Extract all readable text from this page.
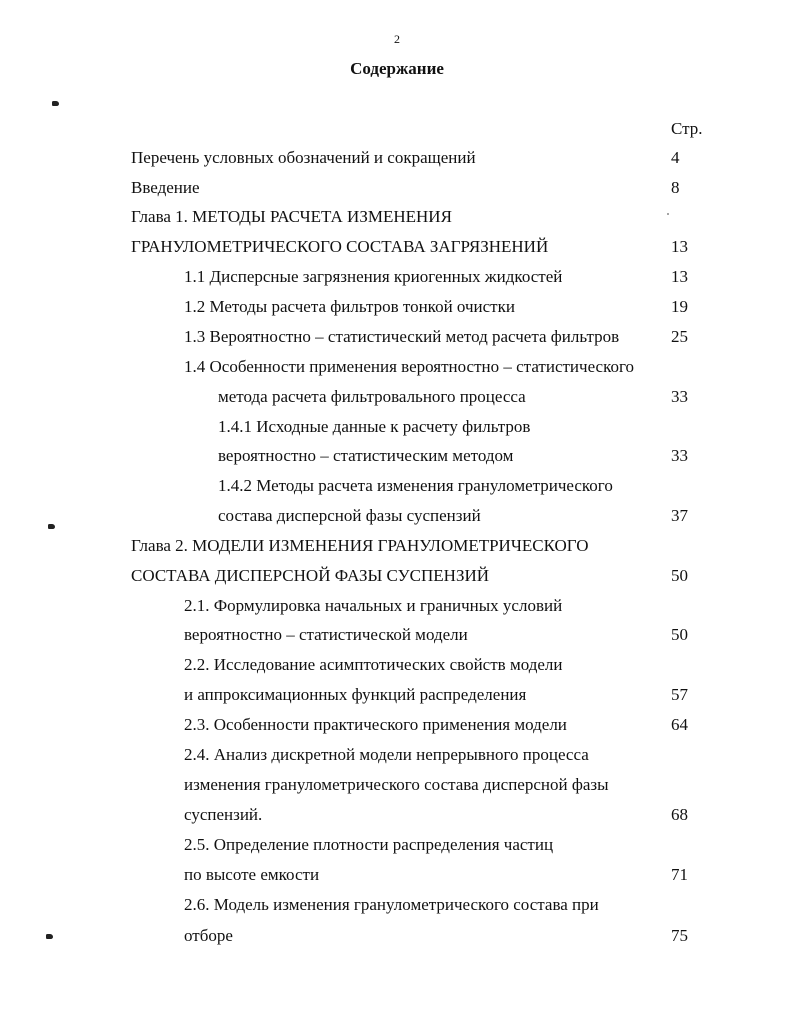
2
Содержание
Стр.
Перечень условных обозначений и сокращений	4
Введение	8
Глава 1. МЕТОДЫ РАСЧЕТА ИЗМЕНЕНИЯ
ГРАНУЛОМЕТРИЧЕСКОГО СОСТАВА ЗАГРЯЗНЕНИЙ	13
1.1 Дисперсные загрязнения криогенных жидкостей	13
1.2 Методы расчета фильтров тонкой очистки	19
1.3 Вероятностно – статистический метод расчета фильтров	25
1.4 Особенности применения вероятностно – статистического
метода расчета фильтровального процесса	33
1.4.1 Исходные данные к расчету фильтров
вероятностно – статистическим методом	33
1.4.2 Методы расчета изменения гранулометрического
состава дисперсной фазы суспензий	37
Глава 2. МОДЕЛИ ИЗМЕНЕНИЯ ГРАНУЛОМЕТРИЧЕСКОГО
СОСТАВА ДИСПЕРСНОЙ ФАЗЫ СУСПЕНЗИЙ	50
2.1. Формулировка начальных и граничных условий
вероятностно – статистической модели	50
2.2. Исследование асимптотических свойств модели
и аппроксимационных функций распределения	57
2.3. Особенности практического применения модели	64
2.4. Анализ дискретной модели непрерывного процесса
изменения гранулометрического состава дисперсной фазы
суспензий.	68
2.5. Определение плотности распределения частиц
по высоте емкости	71
2.6. Модель изменения гранулометрического состава при
отборе	75
